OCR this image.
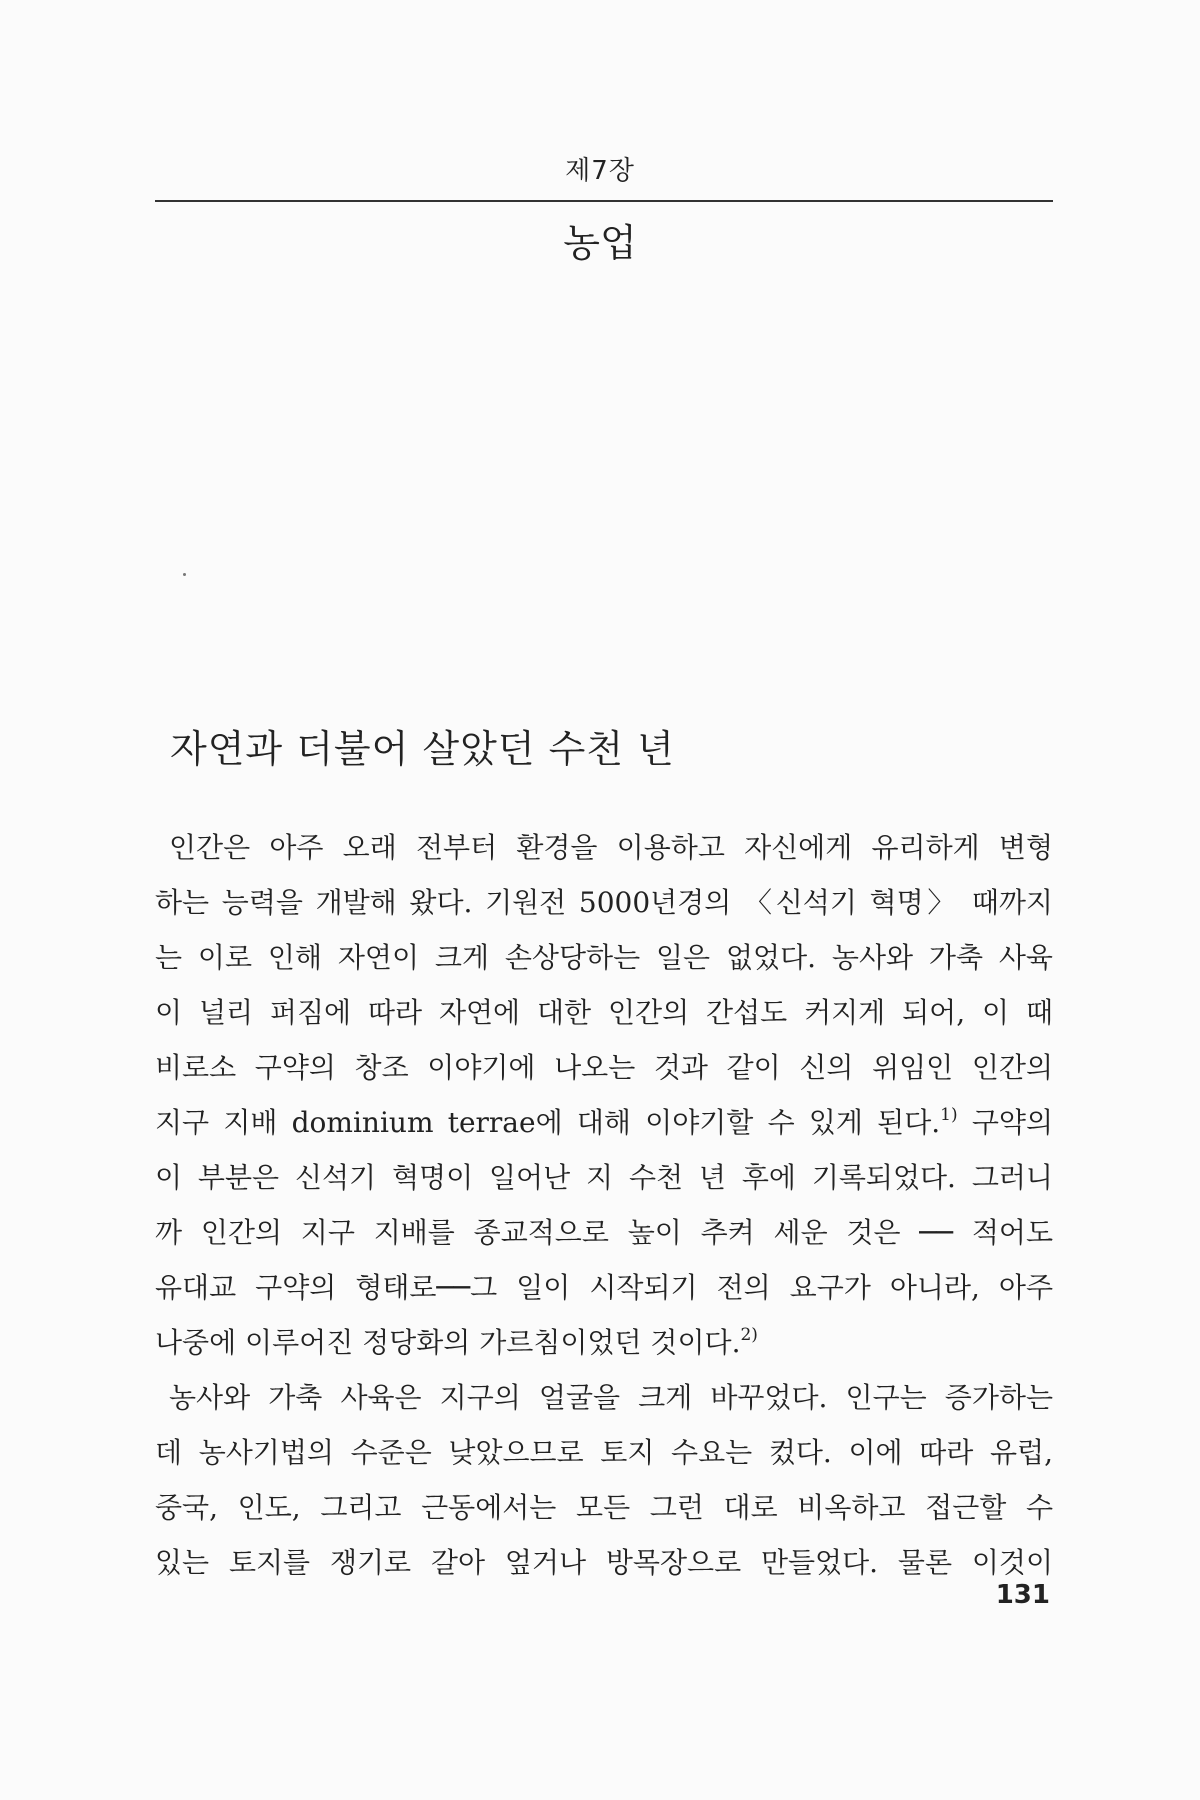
제7장
농업
자연과 더불어 살았던 수천 년
인간은 아주 오래 전부터 환경을 이용하고 자신에게 유리하게 변형
하는 능력을 개발해 왔다. 기원전 5000년경의 〈신석기 혁명〉 때까지
는 이로 인해 자연이 크게 손상당하는 일은 없었다. 농사와 가축 사육
이 널리 퍼짐에 따라 자연에 대한 인간의 간섭도 커지게 되어, 이 때
비로소 구약의 창조 이야기에 나오는 것과 같이 신의 위임인 인간의
지구 지배 dominium terrae에 대해 이야기할 수 있게 된다.$^{1)}$ 구약의
이 부분은 신석기 혁명이 일어난 지 수천 년 후에 기록되었다. 그러니
까 인간의 지구 지배를 종교적으로 높이 추켜 세운 것은 ── 적어도
유대교 구약의 형태로──그 일이 시작되기 전의 요구가 아니라, 아주
나중에 이루어진 정당화의 가르침이었던 것이다.$^{2)}$
농사와 가축 사육은 지구의 얼굴을 크게 바꾸었다. 인구는 증가하는
데 농사기법의 수준은 낮았으므로 토지 수요는 컸다. 이에 따라 유럽,
중국, 인도, 그리고 근동에서는 모든 그런 대로 비옥하고 접근할 수
있는 토지를 쟁기로 갈아 엎거나 방목장으로 만들었다. 물론 이것이
131
